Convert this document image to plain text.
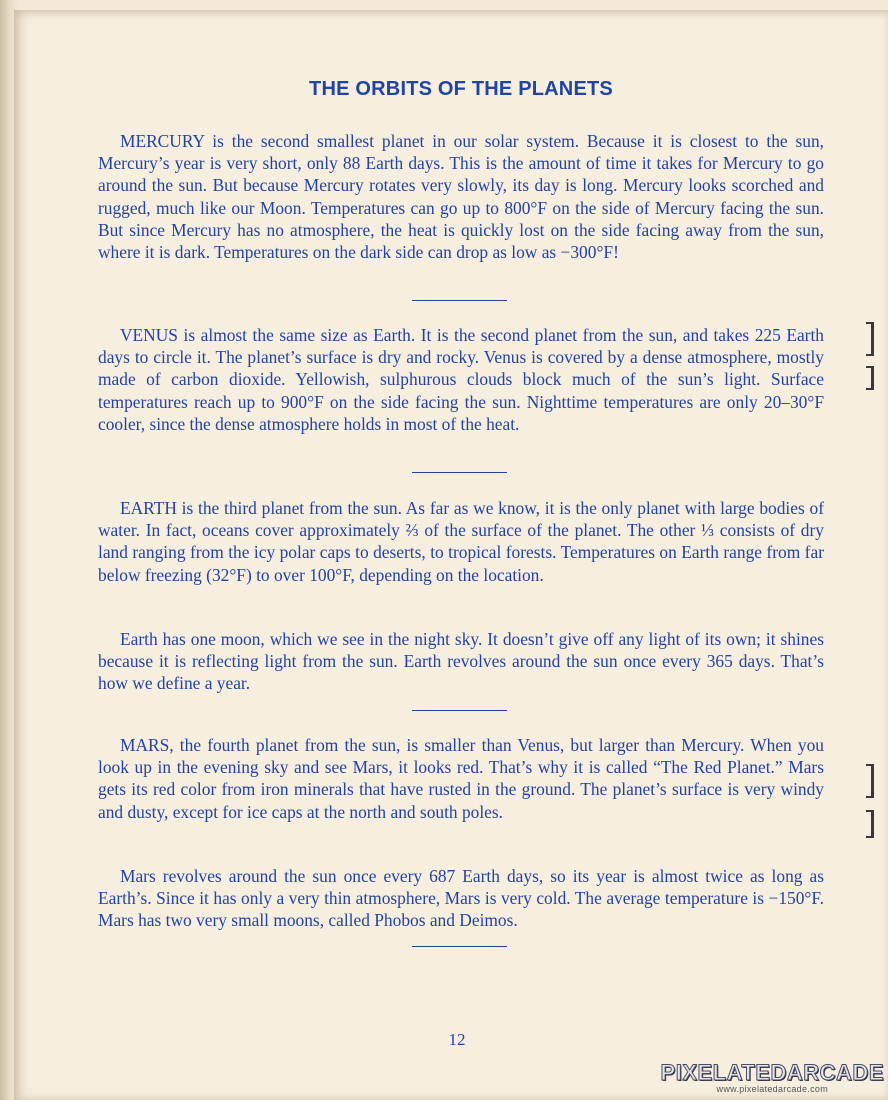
THE ORBITS OF THE PLANETS

MERCURY is the second smallest planet in our solar system. Because it is closest to the sun, Mercury’s year is very short, only 88 Earth days. This is the amount of time it takes for Mercury to go around the sun. But because Mercury rotates very slowly, its day is long. Mercury looks scorched and rugged, much like our Moon. Temperatures can go up to 800°F on the side of Mercury facing the sun. But since Mercury has no atmosphere, the heat is quickly lost on the side facing away from the sun, where it is dark. Temperatures on the dark side can drop as low as −300°F!

VENUS is almost the same size as Earth. It is the second planet from the sun, and takes 225 Earth days to circle it. The planet’s surface is dry and rocky. Venus is covered by a dense atmosphere, mostly made of carbon dioxide. Yellowish, sulphurous clouds block much of the sun’s light. Surface temperatures reach up to 900°F on the side facing the sun. Nighttime temperatures are only 20–30°F cooler, since the dense atmosphere holds in most of the heat.

EARTH is the third planet from the sun. As far as we know, it is the only planet with large bodies of water. In fact, oceans cover approximately ⅔ of the surface of the planet. The other ⅓ consists of dry land ranging from the icy polar caps to deserts, to tropical forests. Temperatures on Earth range from far below freezing (32°F) to over 100°F, depending on the location.

Earth has one moon, which we see in the night sky. It doesn’t give off any light of its own; it shines because it is reflecting light from the sun. Earth revolves around the sun once every 365 days. That’s how we define a year.

MARS, the fourth planet from the sun, is smaller than Venus, but larger than Mercury. When you look up in the evening sky and see Mars, it looks red. That’s why it is called “The Red Planet.” Mars gets its red color from iron minerals that have rusted in the ground. The planet’s surface is very windy and dusty, except for ice caps at the north and south poles.

Mars revolves around the sun once every 687 Earth days, so its year is almost twice as long as Earth’s. Since it has only a very thin atmosphere, Mars is very cold. The average temperature is −150°F. Mars has two very small moons, called Phobos and Deimos.

12
PIXELATEDARCADE
www.pixelatedarcade.com
